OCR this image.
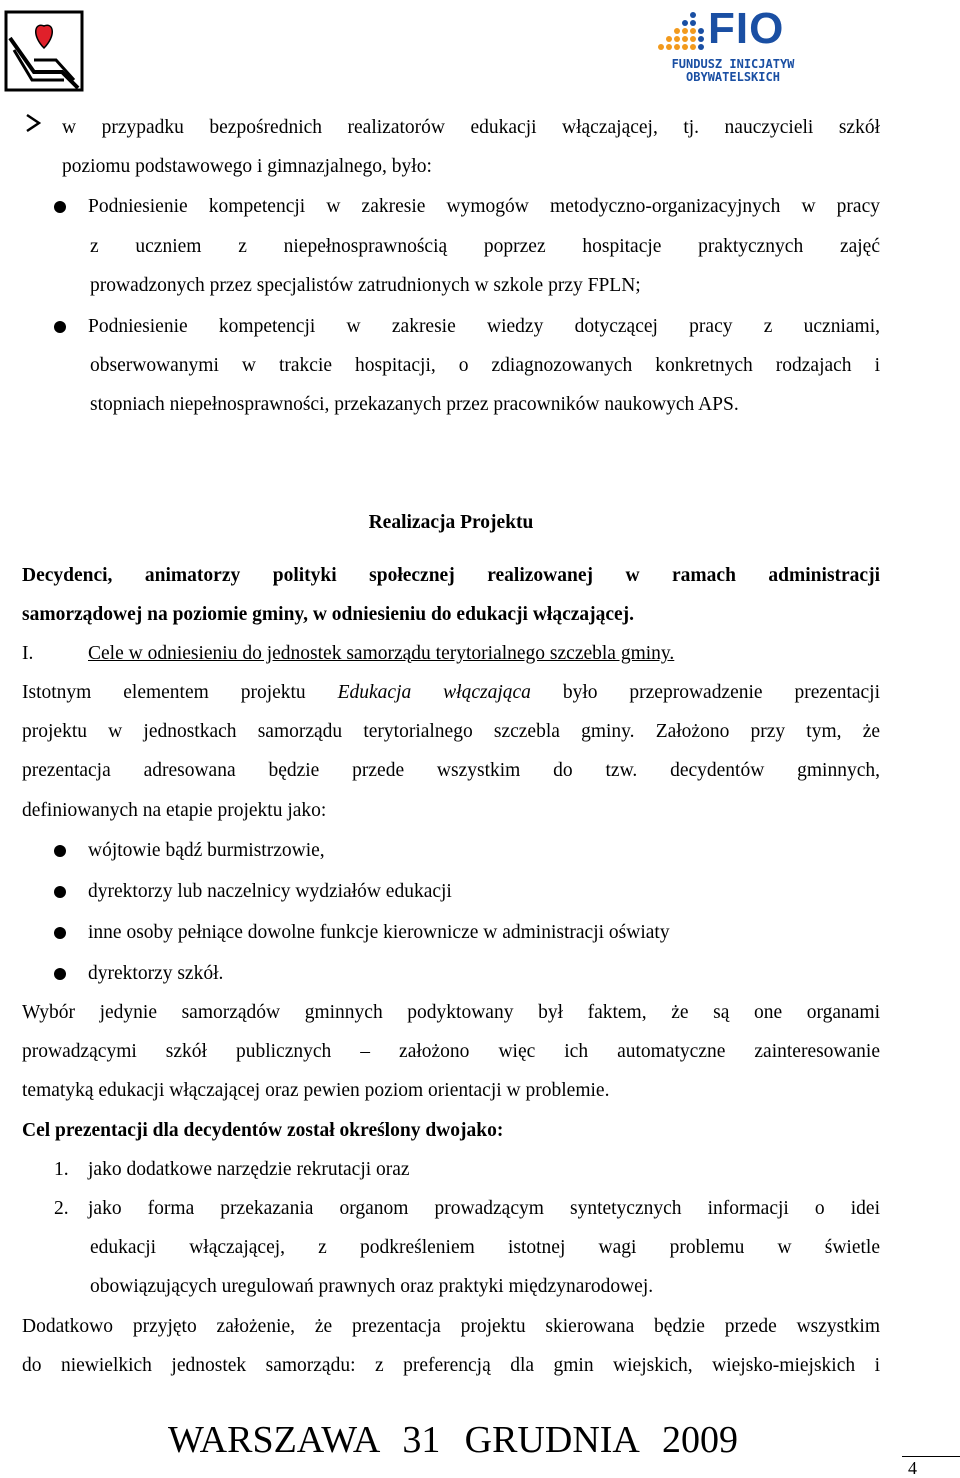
FIO
FUNDUSZ INICJATYW
OBYWATELSKICH
w przypadku bezpośrednich realizatorów edukacji włączającej, tj. nauczycieli szkół
poziomu podstawowego i gimnazjalnego, było:
Podniesienie kompetencji w zakresie wymogów metodyczno-organizacyjnych w pracy
z uczniem z niepełnosprawnością poprzez hospitacje praktycznych zajęć
prowadzonych przez specjalistów zatrudnionych w szkole przy FPLN;
Podniesienie kompetencji w zakresie wiedzy dotyczącej pracy z uczniami,
obserwowanymi w trakcie hospitacji, o zdiagnozowanych konkretnych rodzajach i
stopniach niepełnosprawności, przekazanych przez pracowników naukowych APS.
Realizacja Projektu
Decydenci, animatorzy polityki społecznej realizowanej w ramach administracji
samorządowej na poziomie gminy, w odniesieniu do edukacji włączającej.
I.	Cele w odniesieniu do jednostek samorządu terytorialnego szczebla gminy.
Istotnym elementem projektu Edukacja włączająca było przeprowadzenie prezentacji
projektu w jednostkach samorządu terytorialnego szczebla gminy. Założono przy tym, że
prezentacja adresowana będzie przede wszystkim do tzw. decydentów gminnych,
definiowanych na etapie projektu jako:
wójtowie bądź burmistrzowie,
dyrektorzy lub naczelnicy wydziałów edukacji
inne osoby pełniące dowolne funkcje kierownicze w administracji oświaty
dyrektorzy szkół.
Wybór jedynie samorządów gminnych podyktowany był faktem, że są one organami
prowadzącymi szkół publicznych – założono więc ich automatyczne zainteresowanie
tematyką edukacji włączającej oraz pewien poziom orientacji w problemie.
Cel prezentacji dla decydentów został określony dwojako:
1. jako dodatkowe narzędzie rekrutacji oraz
2. jako forma przekazania organom prowadzącym syntetycznych informacji o idei
edukacji włączającej, z podkreśleniem istotnej wagi problemu w świetle
obowiązujących uregulowań prawnych oraz praktyki międzynarodowej.
Dodatkowo przyjęto założenie, że prezentacja projektu skierowana będzie przede wszystkim
do niewielkich jednostek samorządu: z preferencją dla gmin wiejskich, wiejsko-miejskich i
WARSZAWA 31 GRUDNIA 2009
4
